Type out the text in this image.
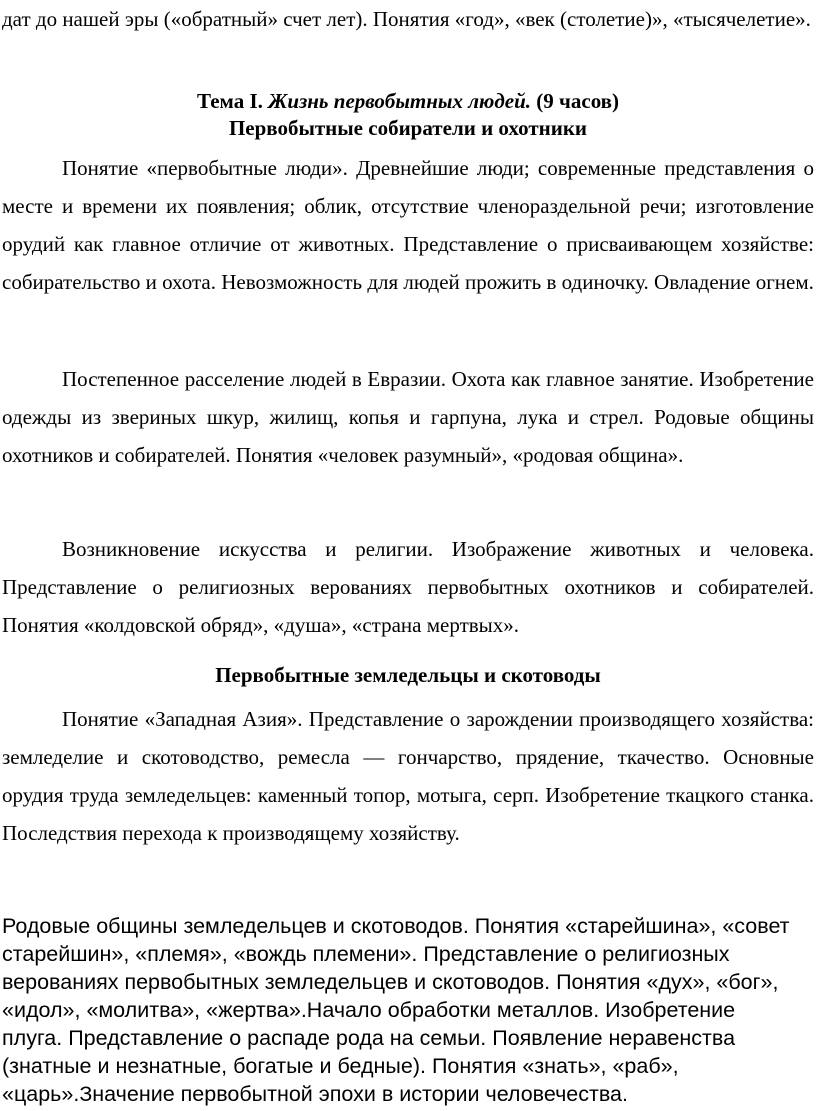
дат до нашей эры («обратный» счет лет). Понятия «год», «век (столетие)», «тысячелетие».

Тема I. Жизнь первобытных людей. (9 часов)

Первобытные собиратели и охотники

Понятие «первобытные люди». Древнейшие люди; современные представления о месте и времени их появления; облик, отсутствие членораздельной речи; изготовление орудий как главное отличие от животных. Представление о присваивающем хозяйстве: собирательство и охота. Невозможность для людей прожить в одиночку. Овладение огнем.

Постепенное расселение людей в Евразии. Охота как главное занятие. Изобретение одежды из звериных шкур, жилищ, копья и гарпуна, лука и стрел. Родовые общины охотников и собирателей. Понятия «человек разумный», «родовая община».

Возникновение искусства и религии. Изображение животных и человека. Представление о религиозных верованиях первобытных охотников и собирателей. Понятия «колдовской обряд», «душа», «страна мертвых».

Первобытные земледельцы и скотоводы

Понятие «Западная Азия». Представление о зарождении производящего хозяйства: земледелие и скотоводство, ремесла — гончарство, прядение, ткачество. Основные орудия труда земледельцев: каменный топор, мотыга, серп. Изобретение ткацкого станка. Последствия перехода к производящему хозяйству.

Родовые общины земледельцев и скотоводов. Понятия «старейшина», «совет
старейшин», «племя», «вождь племени». Представление о религиозных
верованиях первобытных земледельцев и скотоводов. Понятия «дух», «бог»,
«идол», «молитва», «жертва».Начало обработки металлов. Изобретение
плуга. Представление о распаде рода на семьи. Появление неравенства
(знатные и незнатные, богатые и бедные). Понятия «знать», «раб»,
«царь».Значение первобытной эпохи в истории человечества.
